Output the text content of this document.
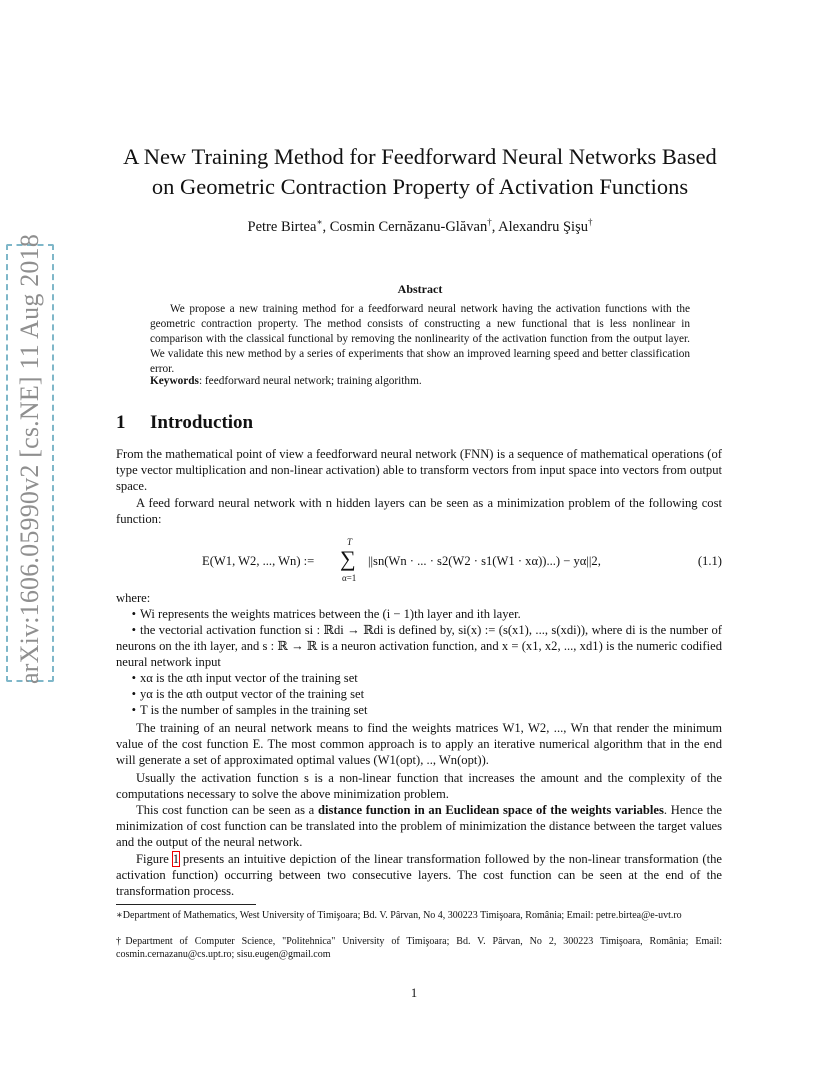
arXiv:1606.05990v2 [cs.NE] 11 Aug 2018
A New Training Method for Feedforward Neural Networks Based
on Geometric Contraction Property of Activation Functions
Petre Birtea∗, Cosmin Cernăzanu-Glăvan†, Alexandru Şişu†
Abstract

We propose a new training method for a feedforward neural network having the activation functions with the geometric contraction property. The method consists of constructing a new functional that is less nonlinear in comparison with the classical functional by removing the nonlinearity of the activation function from the output layer. We validate this new method by a series of experiments that show an improved learning speed and better classification error.

Keywords: feedforward neural network; training algorithm.
1 Introduction
From the mathematical point of view a feedforward neural network (FNN) is a sequence of mathematical operations (of type vector multiplication and non-linear activation) able to transform vectors from input space into vectors from output space.
A feed forward neural network with n hidden layers can be seen as a minimization problem of the following cost function:
E(W1, W2, ..., Wn) :=
T
∑
α=1
||sn(Wn · ... · s2(W2 · s1(W1 · xα))...) − yα||2,	(1.1)
where:
• Wi represents the weights matrices between the (i − 1)th layer and ith layer.
• the vectorial activation function si : ℝdi → ℝdi is defined by, si(x) := (s(x1), ..., s(xdi)), where di is the number of neurons on the ith layer, and s : ℝ → ℝ is a neuron activation function, and x = (x1, x2, ..., xd1) is the numeric codified neural network input
• xα is the αth input vector of the training set
• yα is the αth output vector of the training set
• T is the number of samples in the training set
The training of an neural network means to find the weights matrices W1, W2, ..., Wn that render the minimum value of the cost function E. The most common approach is to apply an iterative numerical algorithm that in the end will generate a set of approximated optimal values (W1(opt), .., Wn(opt)).
Usually the activation function s is a non-linear function that increases the amount and the complexity of the computations necessary to solve the above minimization problem.
This cost function can be seen as a distance function in an Euclidean space of the weights variables. Hence the minimization of cost function can be translated into the problem of minimization the distance between the target values and the output of the neural network.
Figure 1 presents an intuitive depiction of the linear transformation followed by the non-linear transformation (the activation function) occurring between two consecutive layers. The cost function can be seen at the end of the transformation process.
∗Department of Mathematics, West University of Timişoara; Bd. V. Pârvan, No 4, 300223 Timişoara, România; Email: petre.birtea@e-uvt.ro
†Department of Computer Science, "Politehnica" University of Timişoara; Bd. V. Pârvan, No 2, 300223 Timişoara, România; Email: cosmin.cernazanu@cs.upt.ro; sisu.eugen@gmail.com
1
